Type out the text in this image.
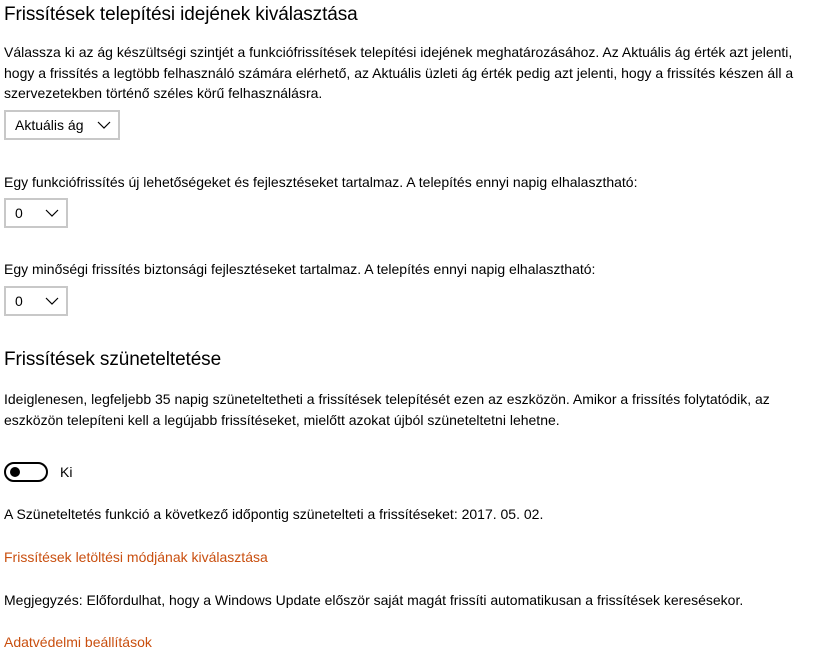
Frissítések telepítési idejének kiválasztása

Válassza ki az ág készültségi szintjét a funkciófrissítések telepítési idejének meghatározásához. Az Aktuális ág érték azt jelenti, hogy a frissítés a legtöbb felhasználó számára elérhető, az Aktuális üzleti ág érték pedig azt jelenti, hogy a frissítés készen áll a szervezetekben történő széles körű felhasználásra.

Aktuális ág

Egy funkciófrissítés új lehetőségeket és fejlesztéseket tartalmaz. A telepítés ennyi napig elhalasztható:

0

Egy minőségi frissítés biztonsági fejlesztéseket tartalmaz. A telepítés ennyi napig elhalasztható:

0
Frissítések szüneteltetése

Ideiglenesen, legfeljebb 35 napig szüneteltetheti a frissítések telepítését ezen az eszközön. Amikor a frissítés folytatódik, az eszközön telepíteni kell a legújabb frissítéseket, mielőtt azokat újból szüneteltetni lehetne.

Ki

A Szüneteltetés funkció a következő időpontig szünetelteti a frissítéseket: 2017. 05. 02.

Frissítések letöltési módjának kiválasztása

Megjegyzés: Előfordulhat, hogy a Windows Update először saját magát frissíti automatikusan a frissítések keresésekor.

Adatvédelmi beállítások
